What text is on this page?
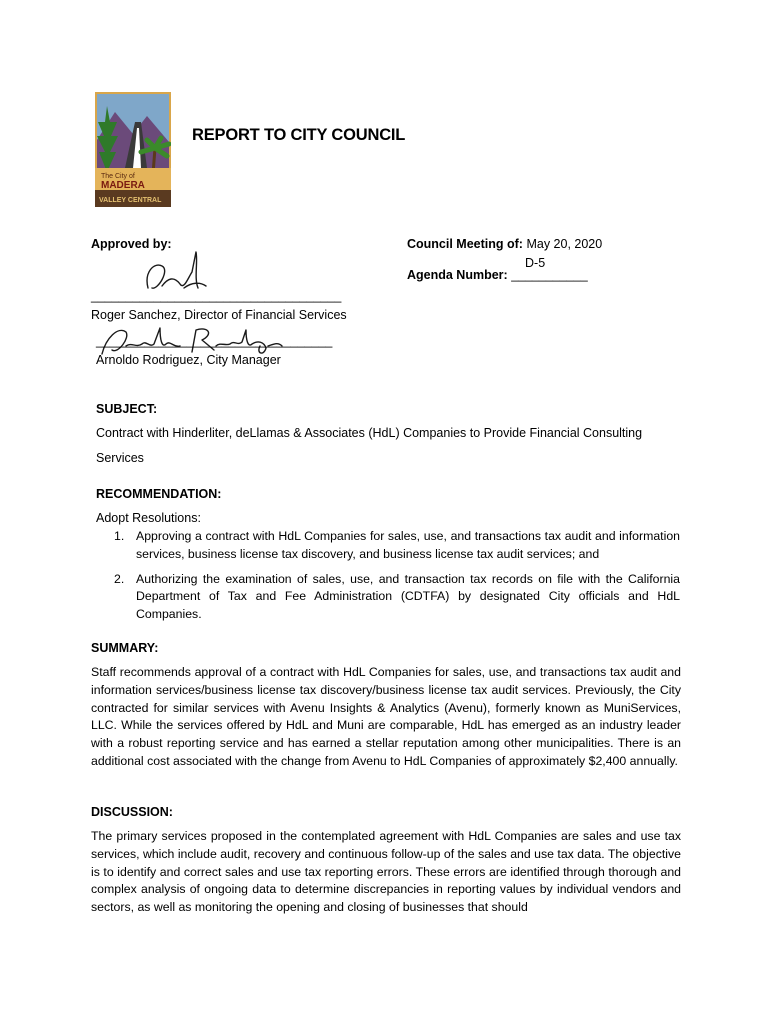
The City of
MADERA
VALLEY CENTRAL
REPORT TO CITY COUNCIL
Approved by:	Council Meeting of: May 20, 2020
D-5
Agenda Number: ___________
____________________________________
Roger Sanchez, Director of Financial Services
__________________________________
Arnoldo Rodriguez, City Manager
SUBJECT:
Contract with Hinderliter, deLlamas & Associates (HdL) Companies to Provide Financial Consulting
Services
RECOMMENDATION:
Adopt Resolutions:
1. Approving a contract with HdL Companies for sales, use, and transactions tax audit and information services, business license tax discovery, and business license tax audit services; and
2. Authorizing the examination of sales, use, and transaction tax records on file with the California Department of Tax and Fee Administration (CDTFA) by designated City officials and HdL Companies.
SUMMARY:
Staff recommends approval of a contract with HdL Companies for sales, use, and transactions tax audit and information services/business license tax discovery/business license tax audit services. Previously, the City contracted for similar services with Avenu Insights & Analytics (Avenu), formerly known as MuniServices, LLC. While the services offered by HdL and Muni are comparable, HdL has emerged as an industry leader with a robust reporting service and has earned a stellar reputation among other municipalities. There is an additional cost associated with the change from Avenu to HdL Companies of approximately $2,400 annually.
DISCUSSION:
The primary services proposed in the contemplated agreement with HdL Companies are sales and use tax services, which include audit, recovery and continuous follow-up of the sales and use tax data. The objective is to identify and correct sales and use tax reporting errors. These errors are identified through thorough and complex analysis of ongoing data to determine discrepancies in reporting values by individual vendors and sectors, as well as monitoring the opening and closing of businesses that should
